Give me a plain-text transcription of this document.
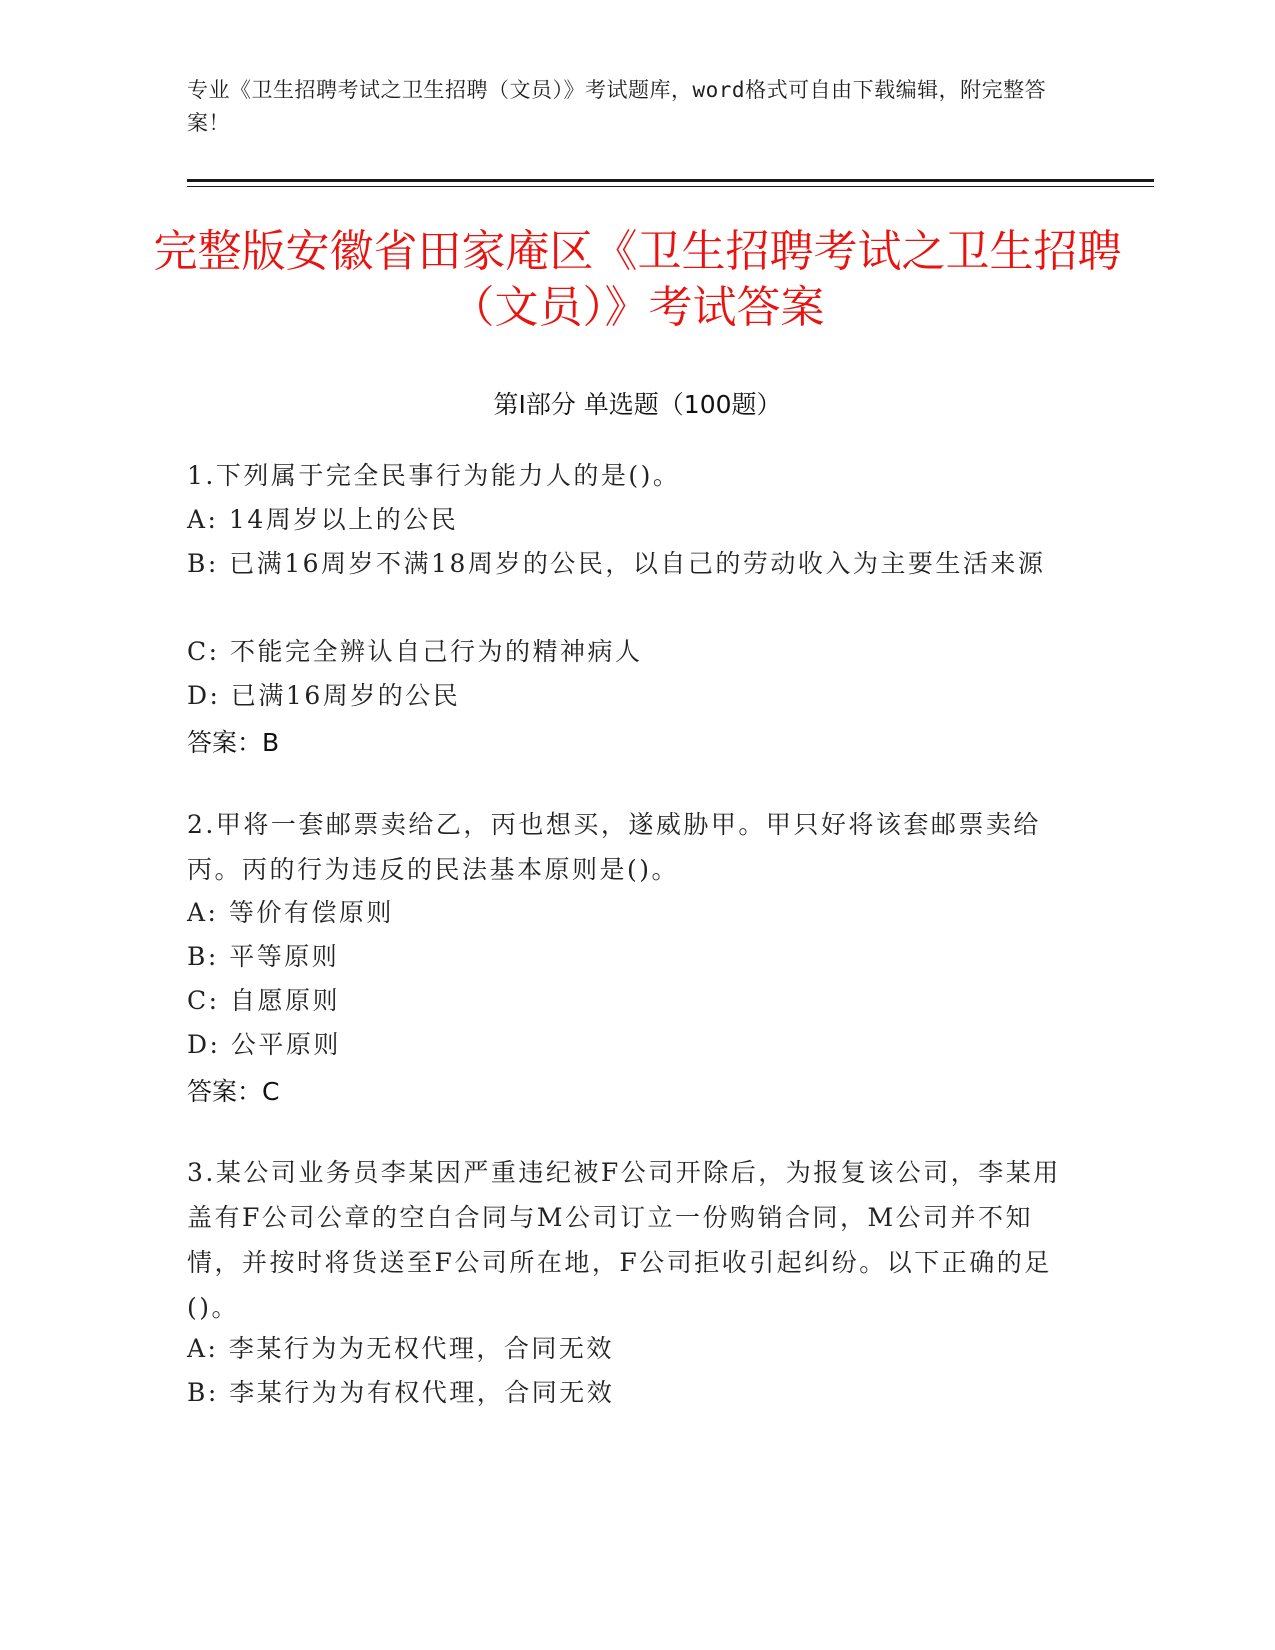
专业《卫生招聘考试之卫生招聘（文员）》考试题库，word格式可自由下载编辑，附完整答案！
完整版安徽省田家庵区《卫生招聘考试之卫生招聘（文员）》考试答案
第I部分 单选题（100题）
1.下列属于完全民事行为能力人的是()。
A: 14周岁以上的公民
B: 已满16周岁不满18周岁的公民，以自己的劳动收入为主要生活来源
C: 不能完全辨认自己行为的精神病人
D: 已满16周岁的公民
答案：B
2.甲将一套邮票卖给乙，丙也想买，遂威胁甲。甲只好将该套邮票卖给丙。丙的行为违反的民法基本原则是()。
A: 等价有偿原则
B: 平等原则
C: 自愿原则
D: 公平原则
答案：C
3.某公司业务员李某因严重违纪被F公司开除后，为报复该公司，李某用盖有F公司公章的空白合同与M公司订立一份购销合同，M公司并不知情，并按时将货送至F公司所在地，F公司拒收引起纠纷。以下正确的足()。
A: 李某行为为无权代理，合同无效
B: 李某行为为有权代理，合同无效
